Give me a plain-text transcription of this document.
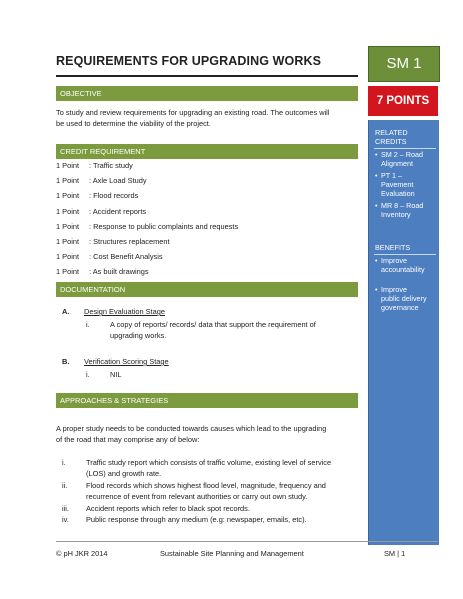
REQUIREMENTS FOR UPGRADING WORKS	SM 1
7 POINTS
RELATED
CREDITS
• SM 2 – Road
Alignment
• PT 1 –
Pavement
Evaluation
• MR 8 – Road
Inventory
BENEFITS
• Improve
accountability
• Improve
public delivery
governance
OBJECTIVE
To study and review requirements for upgrading an existing road. The outcomes will
be used to determine the viability of the project.
CREDIT REQUIREMENT
1 Point : Traffic study
1 Point : Axle Load Study
1 Point : Flood records
1 Point : Accident reports
1 Point : Response to public complaints and requests
1 Point : Structures replacement
1 Point : Cost Benefit Analysis
1 Point : As built drawings
DOCUMENTATION
A. Design Evaluation Stage
i.	A copy of reports/ records/ data that support the requirement of
upgrading works.
B. Verification Scoring Stage
i.	NIL
APPROACHES & STRATEGIES
A proper study needs to be conducted towards causes which lead to the upgrading
of the road that may comprise any of below:
i.	Traffic study report which consists of traffic volume, existing level of service
(LOS) and growth rate.
ii.	Flood records which shows highest flood level, magnitude, frequency and
recurrence of event from relevant authorities or carry out own study.
iii. Accident reports which refer to black spot records.
iv. Public response through any medium (e.g: newspaper, emails, etc).
© pH JKR 2014	Sustainable Site Planning and Management	SM | 1
